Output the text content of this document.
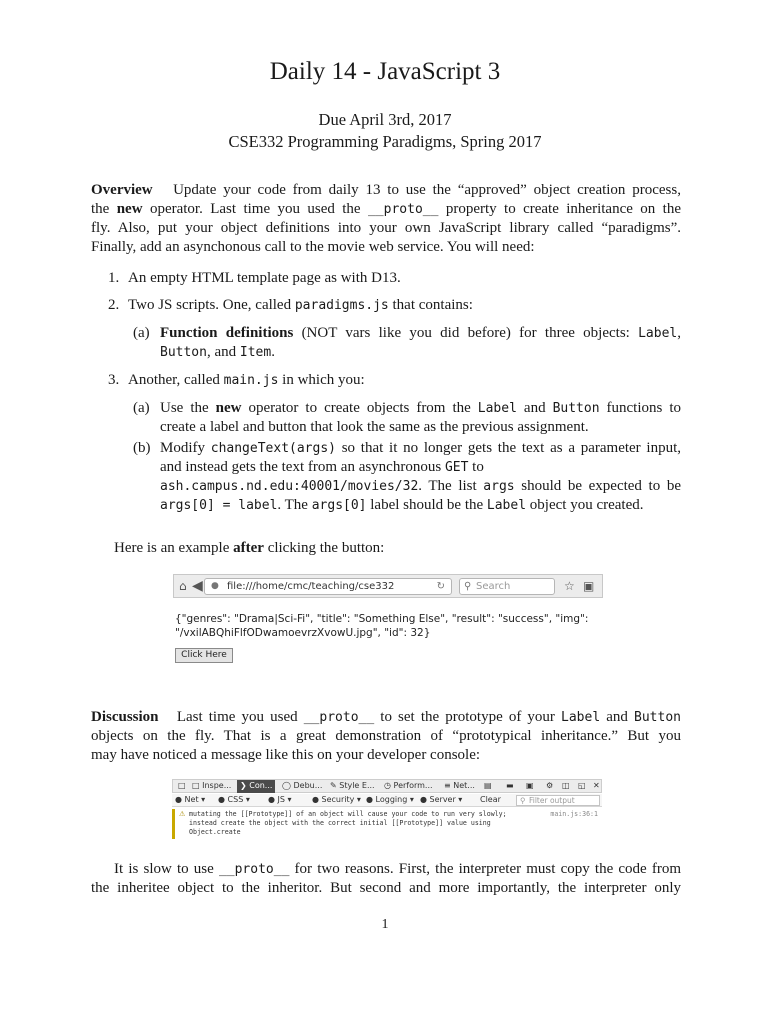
Daily 14 - JavaScript 3
Due April 3rd, 2017
CSE332 Programming Paradigms, Spring 2017
Overview Update your code from daily 13 to use the “approved” object creation process,
the new operator. Last time you used the __proto__ property to create inheritance on the
fly. Also, put your object definitions into your own JavaScript library called “paradigms”.
Finally, add an asynchonous call to the movie web service. You will need:
1. An empty HTML template page as with D13.
2. Two JS scripts. One, called paradigms.js that contains:
(a) Function definitions (NOT vars like you did before) for three objects: Label,
Button, and Item.
3. Another, called main.js in which you:
(a) Use the new operator to create objects from the Label and Button functions to
create a label and button that look the same as the previous assignment.
(b) Modify changeText(args) so that it no longer gets the text as a parameter input,
and instead gets the text from an asynchronous GET to
ash.campus.nd.edu:40001/movies/32. The list args should be expected to be
args[0] = label. The args[0] label should be the Label object you created.
Here is an example after clicking the button:
⌂ ◀ ● file:///home/cmc/teaching/cse332	↻ ⚲ Search	☆ ▣
{"genres": "Drama|Sci-Fi", "title": "Something Else", "result": "success", "img":
"/vxilABQhiFlfODwamoevrzXvowU.jpg", "id": 32}
Click Here
Discussion Last time you used __proto__ to set the prototype of your Label and Button
objects on the fly. That is a great demonstration of “prototypical inheritance.” But you
may have noticed a message like this on your developer console:
□ □ Inspe...	❯ Con...	◯ Debu... ✎ Style E...	◷ Perform...	≡ Net...	▤	▬	▣	⚙	◫	◱ ✕
● Net ▾ ● CSS ▾ ● JS ▾	● Security ▾ ● Logging ▾ ● Server ▾ Clear	⚲ Filter output
⚠ mutating the [[Prototype]] of an object will cause your code to run very slowly;
instead create the object with the correct initial [[Prototype]] value using
Object.create
main.js:36:1
It is slow to use __proto__ for two reasons. First, the interpreter must copy the code from
the inheritee object to the inheritor. But second and more importantly, the interpreter only
1
